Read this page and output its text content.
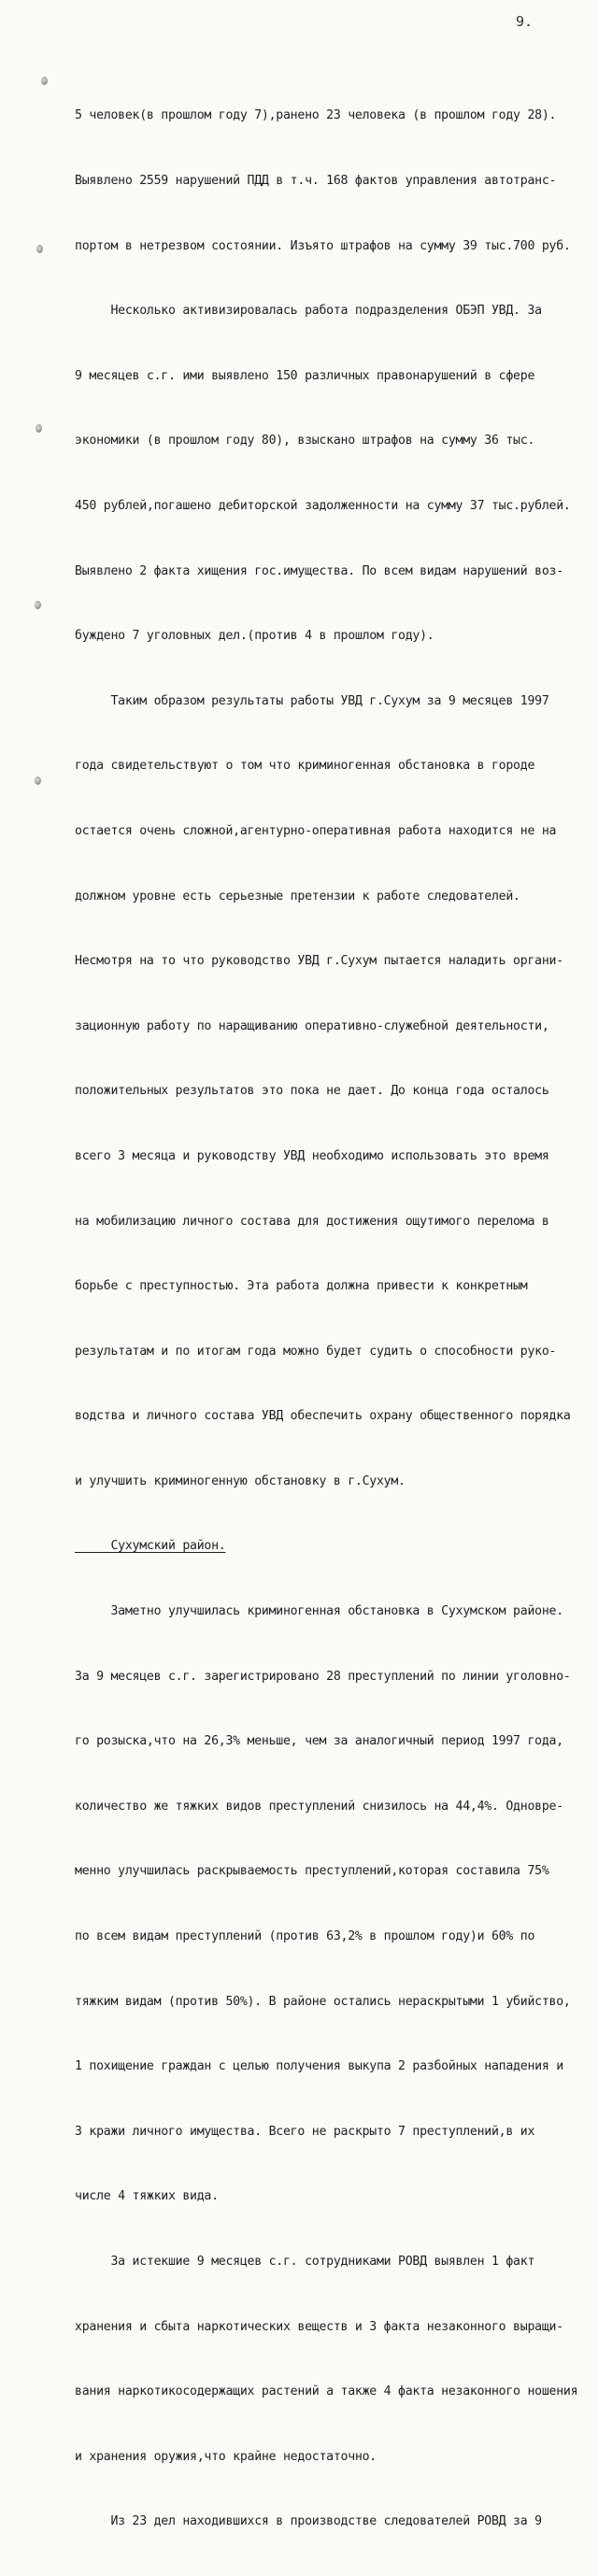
9.

5 человек(в прошлом году 7),ранено 23 человека (в прошлом году 28).

Выявлено 2559 нарушений ПДД в т.ч. 168 фактов управления автотранс-

портом в нетрезвом состоянии. Изъято штрафов на сумму 39 тыс.700 руб.

Несколько активизировалась работа подразделения ОБЭП УВД. За

9 месяцев с.г. ими выявлено 150 различных правонарушений в сфере

экономики (в прошлом году 80), взыскано штрафов на сумму 36 тыс.

450 рублей,погашено дебиторской задолженности на сумму 37 тыс.рублей.

Выявлено 2 факта хищения гос.имущества. По всем видам нарушений воз-

буждено 7 уголовных дел.(против 4 в прошлом году).

Таким образом результаты работы УВД г.Сухум за 9 месяцев 1997

года свидетельствуют о том что криминогенная обстановка в городе

остается очень сложной,агентурно-оперативная работа находится не на

должном уровне есть серьезные претензии к работе следователей.

Несмотря на то что руководство УВД г.Сухум пытается наладить органи-

зационную работу по наращиванию оперативно-служебной деятельности,

положительных результатов это пока не дает. До конца года осталось

всего 3 месяца и руководству УВД необходимо использовать это время

на мобилизацию личного состава для достижения ощутимого перелома в

борьбе с преступностью. Эта работа должна привести к конкретным

результатам и по итогам года можно будет судить о способности руко-

водства и личного состава УВД обеспечить охрану общественного порядка

и улучшить криминогенную обстановку в г.Сухум.

Сухумский район.

Заметно улучшилась криминогенная обстановка в Сухумском районе.

За 9 месяцев с.г. зарегистрировано 28 преступлений по линии уголовно-

го розыска,что на 26,3% меньше, чем за аналогичный период 1997 года,

количество же тяжких видов преступлений снизилось на 44,4%. Одновре-

менно улучшилась раскрываемость преступлений,которая составила 75%

по всем видам преступлений (против 63,2% в прошлом году)и 60% по

тяжким видам (против 50%). В районе остались нераскрытыми 1 убийство,

1 похищение граждан с целью получения выкупа 2 разбойных нападения и

3 кражи личного имущества. Всего не раскрыто 7 преступлений,в их

числе 4 тяжких вида.

За истекшие 9 месяцев с.г. сотрудниками РОВД выявлен 1 факт

хранения и сбыта наркотических веществ и 3 факта незаконного выращи-

вания наркотикосодержащих растений а также 4 факта незаконного ношения

и хранения оружия,что крайне недостаточно.

Из 23 дел находившихся в производстве следователей РОВД за 9
